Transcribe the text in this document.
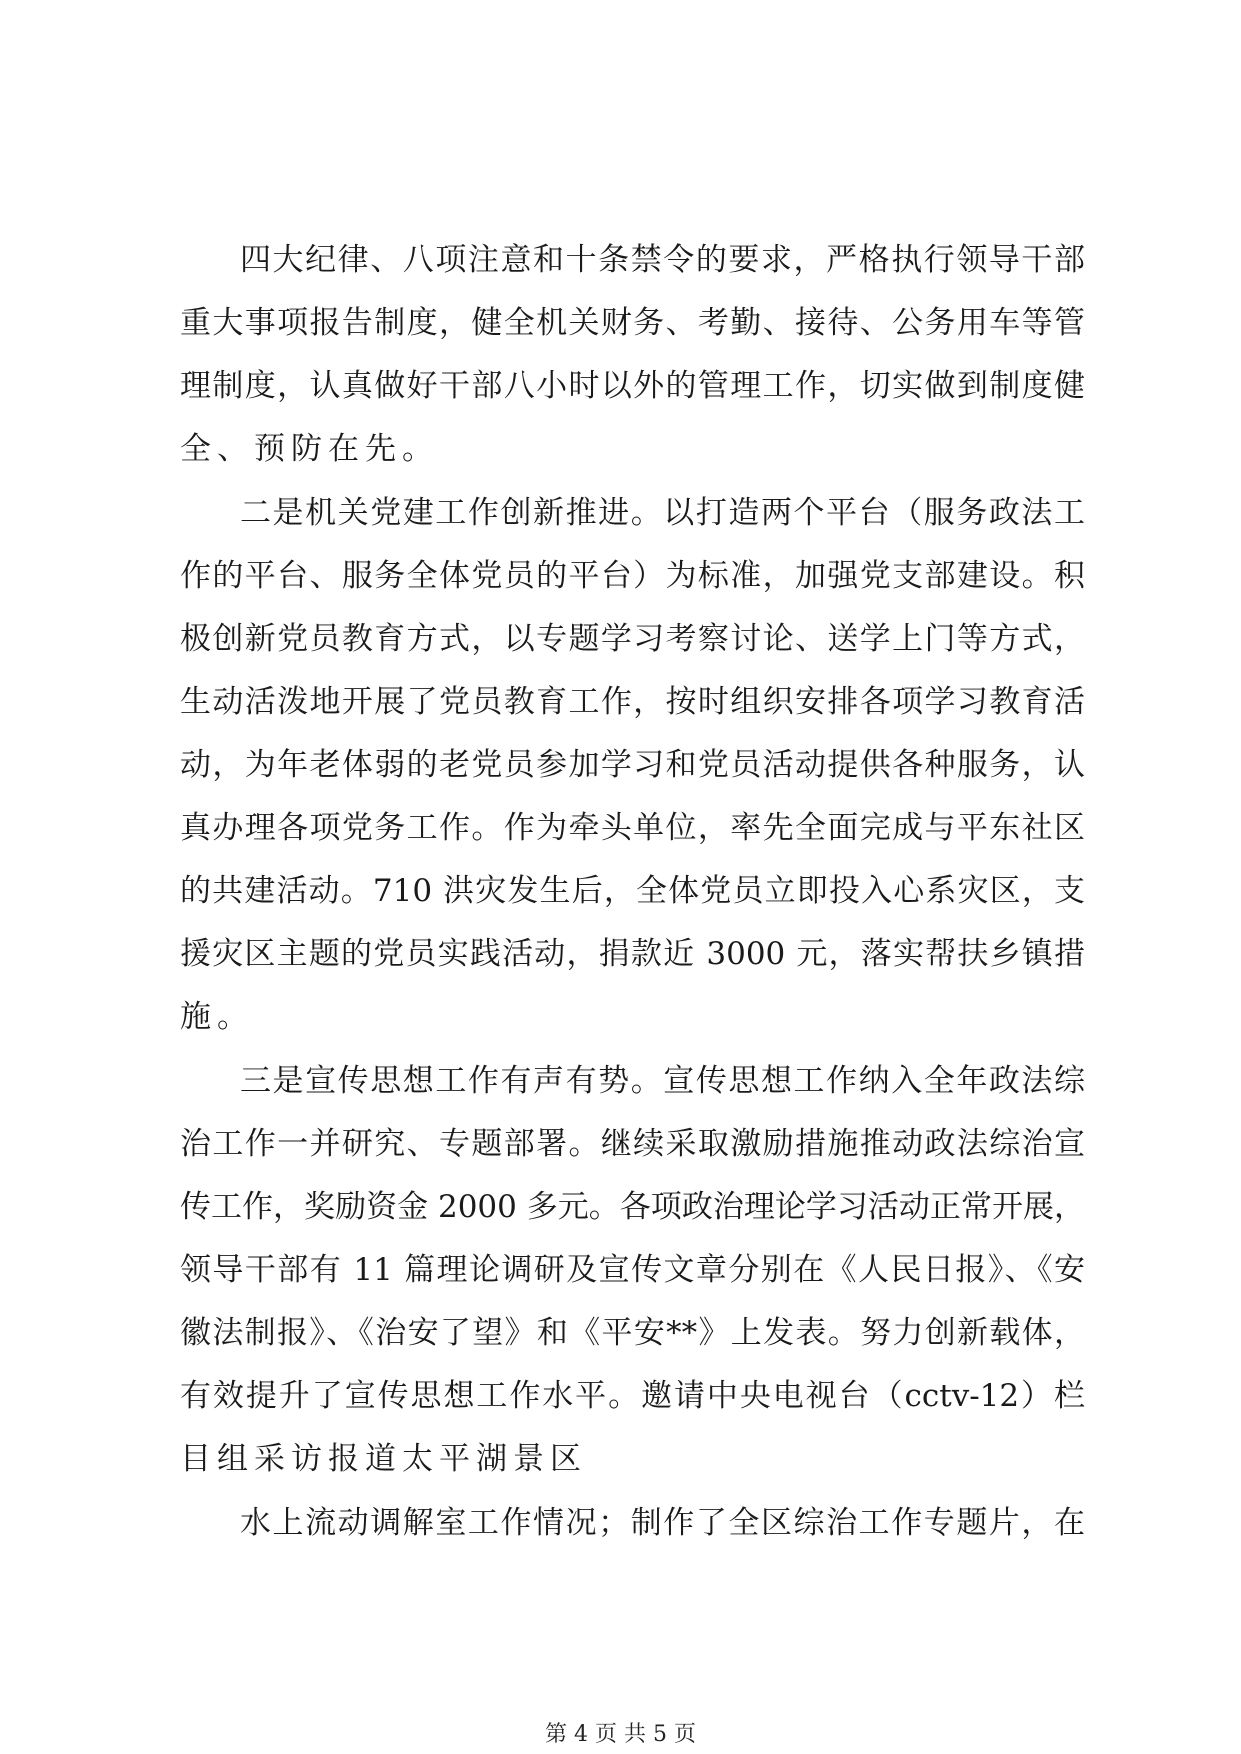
四大纪律、八项注意和十条禁令的要求，严格执行领导干部
重大事项报告制度，健全机关财务、考勤、接待、公务用车等管
理制度，认真做好干部八小时以外的管理工作，切实做到制度健
全、预防在先。
二是机关党建工作创新推进。以打造两个平台（服务政法工
作的平台、服务全体党员的平台）为标准，加强党支部建设。积
极创新党员教育方式，以专题学习考察讨论、送学上门等方式，
生动活泼地开展了党员教育工作，按时组织安排各项学习教育活
动，为年老体弱的老党员参加学习和党员活动提供各种服务，认
真办理各项党务工作。作为牵头单位，率先全面完成与平东社区
的共建活动。710 洪灾发生后，全体党员立即投入心系灾区，支
援灾区主题的党员实践活动，捐款近 3000 元，落实帮扶乡镇措
施。
三是宣传思想工作有声有势。宣传思想工作纳入全年政法综
治工作一并研究、专题部署。继续采取激励措施推动政法综治宣
传工作，奖励资金 2000 多元。各项政治理论学习活动正常开展，
领导干部有 11 篇理论调研及宣传文章分别在《人民日报》、《安
徽法制报》、《治安了望》和《平安**》上发表。努力创新载体，
有效提升了宣传思想工作水平。邀请中央电视台（cctv-12）栏
目组采访报道太平湖景区
水上流动调解室工作情况；制作了全区综治工作专题片，在
第 4 页 共 5 页
